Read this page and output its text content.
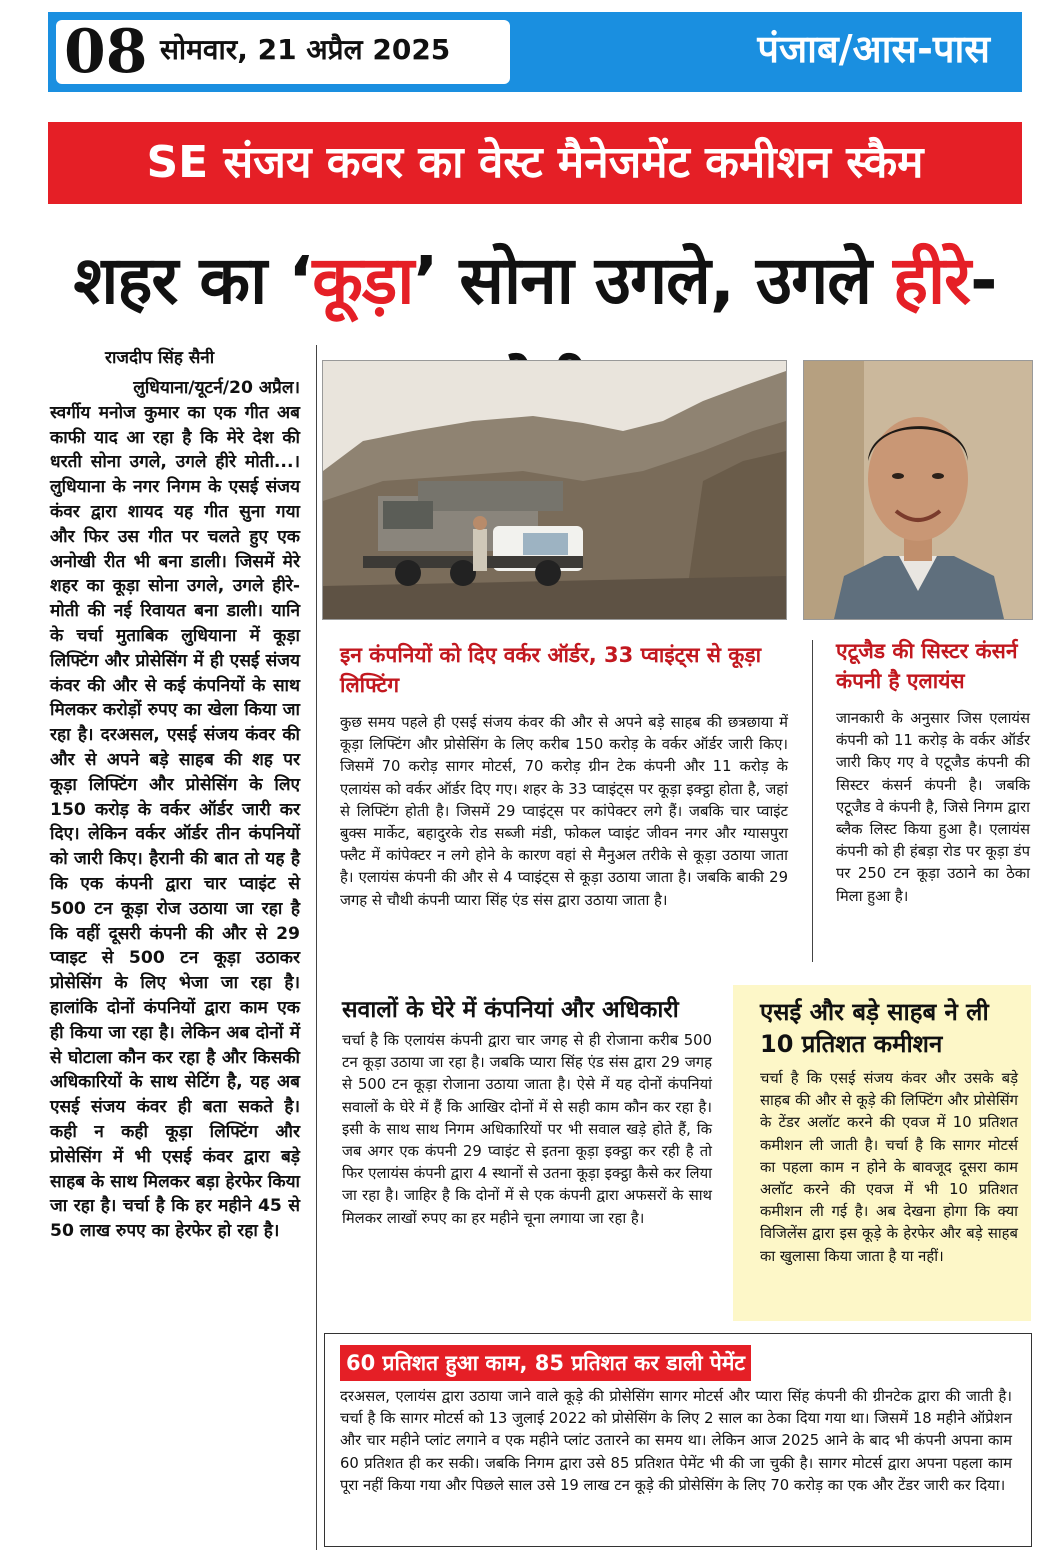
08 सोमवार, 21 अप्रैल 2025	पंजाब/आस-पास
SE संजय कवर का वेस्ट मैनेजमेंट कमीशन स्कैम
शहर का ‘कूड़ा’ सोना उगले, उगले हीरे-
राजदीप सिंह सैनी
लुधियाना/यूटर्न/20 अप्रैल।
स्वर्गीय मनोज कुमार का एक गीत अब काफी याद आ रहा है कि मेरे देश की धरती सोना उगले, उगले हीरे मोती...। लुधियाना के नगर निगम के एसई संजय कंवर द्वारा शायद यह गीत सुना गया और फिर उस गीत पर चलते हुए एक अनोखी रीत भी बना डाली। जिसमें मेरे शहर का कूड़ा सोना उगले, उगले हीरे-मोती की नई रिवायत बना डाली। यानि के चर्चा मुताबिक लुधियाना में कूड़ा लिफ्टिंग और प्रोसेसिंग में ही एसई संजय कंवर की और से कई कंपनियों के साथ मिलकर करोड़ों रुपए का खेला किया जा रहा है। दरअसल, एसई संजय कंवर की और से अपने बड़े साहब की शह पर कूड़ा लिफ्टिंग और प्रोसेसिंग के लिए 150 करोड़ के वर्कर ऑर्डर जारी कर दिए। लेकिन वर्कर ऑर्डर तीन कंपनियों को जारी किए। हैरानी की बात तो यह है कि एक कंपनी द्वारा चार प्वाइंट से 500 टन कूड़ा रोज उठाया जा रहा है कि वहीं दूसरी कंपनी की और से 29 प्वाइट से 500 टन कूड़ा उठाकर प्रोसेसिंग के लिए भेजा जा रहा है। हालांकि दोनों कंपनियों द्वारा काम एक ही किया जा रहा है। लेकिन अब दोनों में से घोटाला कौन कर रहा है और किसकी अधिकारियों के साथ सेटिंग है, यह अब एसई संजय कंवर ही बता सकते है। कही न कही कूड़ा लिफ्टिंग और प्रोसेसिंग में भी एसई कंवर द्वारा बड़े साहब के साथ मिलकर बड़ा हेरफेर किया जा रहा है। चर्चा है कि हर महीने 45 से 50 लाख रुपए का हेरफेर हो रहा है।
इन कंपनियों को दिए वर्कर ऑर्डर, 33 प्वाइंट्स से कूड़ा लिफ्टिंग
कुछ समय पहले ही एसई संजय कंवर की और से अपने बड़े साहब की छत्रछाया में कूड़ा लिफ्टिंग और प्रोसेसिंग के लिए करीब 150 करोड़ के वर्कर ऑर्डर जारी किए। जिसमें 70 करोड़ सागर मोटर्स, 70 करोड़ ग्रीन टेक कंपनी और 11 करोड़ के एलायंस को वर्कर ऑर्डर दिए गए। शहर के 33 प्वाइंट्स पर कूड़ा इक्ट्ठा होता है, जहां से लिफ्टिंग होती है। जिसमें 29 प्वाइंट्स पर कांपेक्टर लगे हैं। जबकि चार प्वाइंट बुक्स मार्केट, बहादुरके रोड सब्जी मंडी, फोकल प्वाइंट जीवन नगर और ग्यासपुरा फ्लैट में कांपेक्टर न लगे होने के कारण वहां से मैनुअल तरीके से कूड़ा उठाया जाता है। एलायंस कंपनी की और से 4 प्वाइंट्स से कूड़ा उठाया जाता है। जबकि बाकी 29 जगह से चौथी कंपनी प्यारा सिंह एंड संस द्वारा उठाया जाता है।
एटूजैड की सिस्टर कंसर्न कंपनी है एलायंस
जानकारी के अनुसार जिस एलायंस कंपनी को 11 करोड़ के वर्कर ऑर्डर जारी किए गए वे एटूजैड कंपनी की सिस्टर कंसर्न कंपनी है। जबकि एटूजैड वे कंपनी है, जिसे निगम द्वारा ब्लैक लिस्ट किया हुआ है। एलायंस कंपनी को ही हंबड़ा रोड पर कूड़ा डंप पर 250 टन कूड़ा उठाने का ठेका मिला हुआ है।
सवालों के घेरे में कंपनियां और अधिकारी
चर्चा है कि एलायंस कंपनी द्वारा चार जगह से ही रोजाना करीब 500 टन कूड़ा उठाया जा रहा है। जबकि प्यारा सिंह एंड संस द्वारा 29 जगह से 500 टन कूड़ा रोजाना उठाया जाता है। ऐसे में यह दोनों कंपनियां सवालों के घेरे में हैं कि आखिर दोनों में से सही काम कौन कर रहा है। इसी के साथ साथ निगम अधिकारियों पर भी सवाल खड़े होते हैं, कि जब अगर एक कंपनी 29 प्वाइंट से इतना कूड़ा इक्ट्ठा कर रही है तो फिर एलायंस कंपनी द्वारा 4 स्थानों से उतना कूड़ा इक्ट्ठा कैसे कर लिया जा रहा है। जाहिर है कि दोनों में से एक कंपनी द्वारा अफसरों के साथ मिलकर लाखों रुपए का हर महीने चूना लगाया जा रहा है।
एसई और बड़े साहब ने ली 10 प्रतिशत कमीशन
चर्चा है कि एसई संजय कंवर और उसके बड़े साहब की और से कूड़े की लिफ्टिंग और प्रोसेसिंग के टेंडर अलॉट करने की एवज में 10 प्रतिशत कमीशन ली जाती है। चर्चा है कि सागर मोटर्स का पहला काम न होने के बावजूद दूसरा काम अलॉट करने की एवज में भी 10 प्रतिशत कमीशन ली गई है। अब देखना होगा कि क्या विजिलेंस द्वारा इस कूड़े के हेरफेर और बड़े साहब का खुलासा किया जाता है या नहीं।
60 प्रतिशत हुआ काम, 85 प्रतिशत कर डाली पेमेंट
दरअसल, एलायंस द्वारा उठाया जाने वाले कूड़े की प्रोसेसिंग सागर मोटर्स और प्यारा सिंह कंपनी की ग्रीनटेक द्वारा की जाती है। चर्चा है कि सागर मोटर्स को 13 जुलाई 2022 को प्रोसेसिंग के लिए 2 साल का ठेका दिया गया था। जिसमें 18 महीने ऑप्रेशन और चार महीने प्लांट लगाने व एक महीने प्लांट उतारने का समय था। लेकिन आज 2025 आने के बाद भी कंपनी अपना काम 60 प्रतिशत ही कर सकी। जबकि निगम द्वारा उसे 85 प्रतिशत पेमेंट भी की जा चुकी है। सागर मोटर्स द्वारा अपना पहला काम पूरा नहीं किया गया और पिछले साल उसे 19 लाख टन कूड़े की प्रोसेसिंग के लिए 70 करोड़ का एक और टेंडर जारी कर दिया।
